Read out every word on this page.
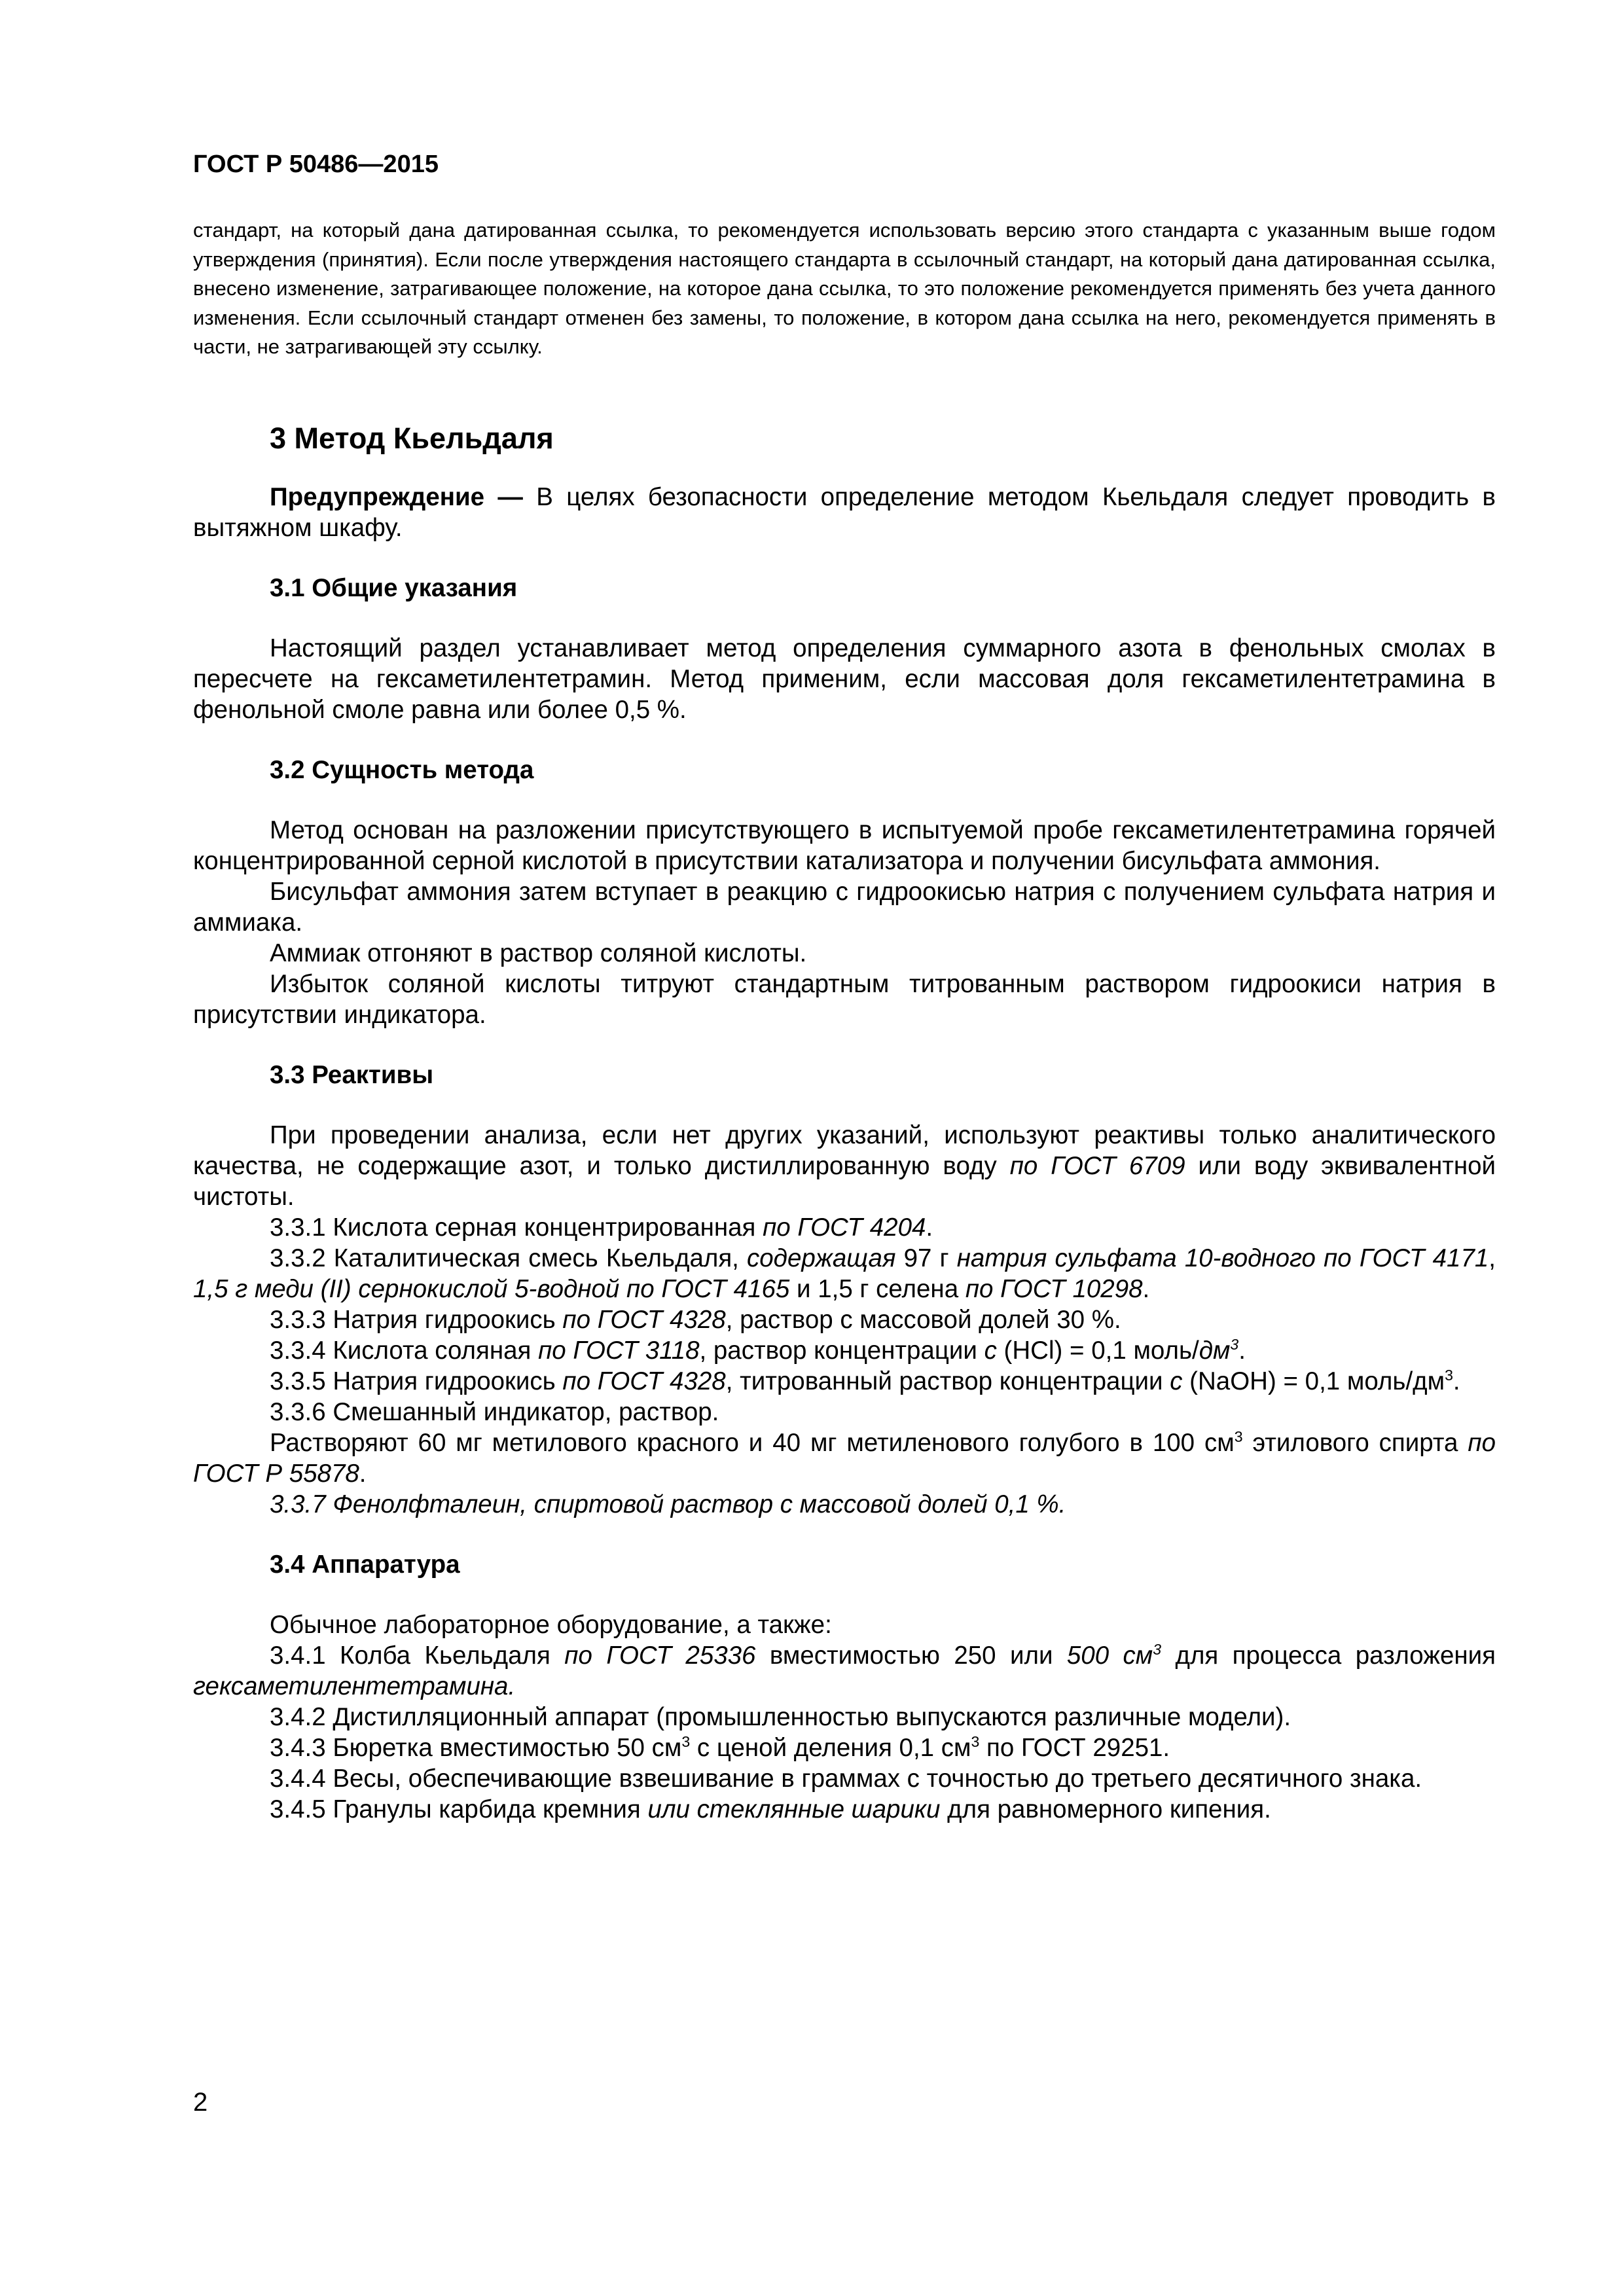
ГОСТ Р 50486—2015

стандарт, на который дана датированная ссылка, то рекомендуется использовать версию этого стандарта с указанным выше годом утверждения (принятия). Если после утверждения настоящего стандарта в ссылочный стандарт, на который дана датированная ссылка, внесено изменение, затрагивающее положение, на которое дана ссылка, то это положение рекомендуется применять без учета данного изменения. Если ссылочный стандарт отменен без замены, то положение, в котором дана ссылка на него, рекомендуется применять в части, не затрагивающей эту ссылку.

3 Метод Кьельдаля

Предупреждение — В целях безопасности определение методом Кьельдаля следует проводить в вытяжном шкафу.

3.1 Общие указания

Настоящий раздел устанавливает метод определения суммарного азота в фенольных смолах в пересчете на гексаметилентетрамин. Метод применим, если массовая доля гексаметилентетрамина в фенольной смоле равна или более 0,5 %.

3.2 Сущность метода

Метод основан на разложении присутствующего в испытуемой пробе гексаметилентетрамина горячей концентрированной серной кислотой в присутствии катализатора и получении бисульфата аммония.

Бисульфат аммония затем вступает в реакцию с гидроокисью натрия с получением сульфата натрия и аммиака.

Аммиак отгоняют в раствор соляной кислоты.

Избыток соляной кислоты титруют стандартным титрованным раствором гидроокиси натрия в присутствии индикатора.

3.3 Реактивы

При проведении анализа, если нет других указаний, используют реактивы только аналитического качества, не содержащие азот, и только дистиллированную воду по ГОСТ 6709 или воду эквивалентной чистоты.

3.3.1 Кислота серная концентрированная по ГОСТ 4204.

3.3.2 Каталитическая смесь Кьельдаля, содержащая 97 г натрия сульфата 10-водного по ГОСТ 4171, 1,5 г меди (II) сернокислой 5-водной по ГОСТ 4165 и 1,5 г селена по ГОСТ 10298.

3.3.3 Натрия гидроокись по ГОСТ 4328, раствор с массовой долей 30 %.

3.3.4 Кислота соляная по ГОСТ 3118, раствор концентрации с (HCl) = 0,1 моль/$дм^3$.

3.3.5 Натрия гидроокись по ГОСТ 4328, титрованный раствор концентрации с (NaOH) = 0,1 моль/$дм^3$.

3.3.6 Смешанный индикатор, раствор.

Растворяют 60 мг метилового красного и 40 мг метиленового голубого в 100 $см^3$ этилового спирта по ГОСТ Р 55878.

3.3.7 Фенолфталеин, спиртовой раствор с массовой долей 0,1 %.

3.4 Аппаратура

Обычное лабораторное оборудование, а также:

3.4.1 Колба Кьельдаля по ГОСТ 25336 вместимостью 250 или 500 $см^3$ для процесса разложения гексаметилентетрамина.

3.4.2 Дистилляционный аппарат (промышленностью выпускаются различные модели).

3.4.3 Бюретка вместимостью 50 $см^3$ с ценой деления 0,1 $см^3$ по ГОСТ 29251.

3.4.4 Весы, обеспечивающие взвешивание в граммах с точностью до третьего десятичного знака.

3.4.5 Гранулы карбида кремния или стеклянные шарики для равномерного кипения.

2
